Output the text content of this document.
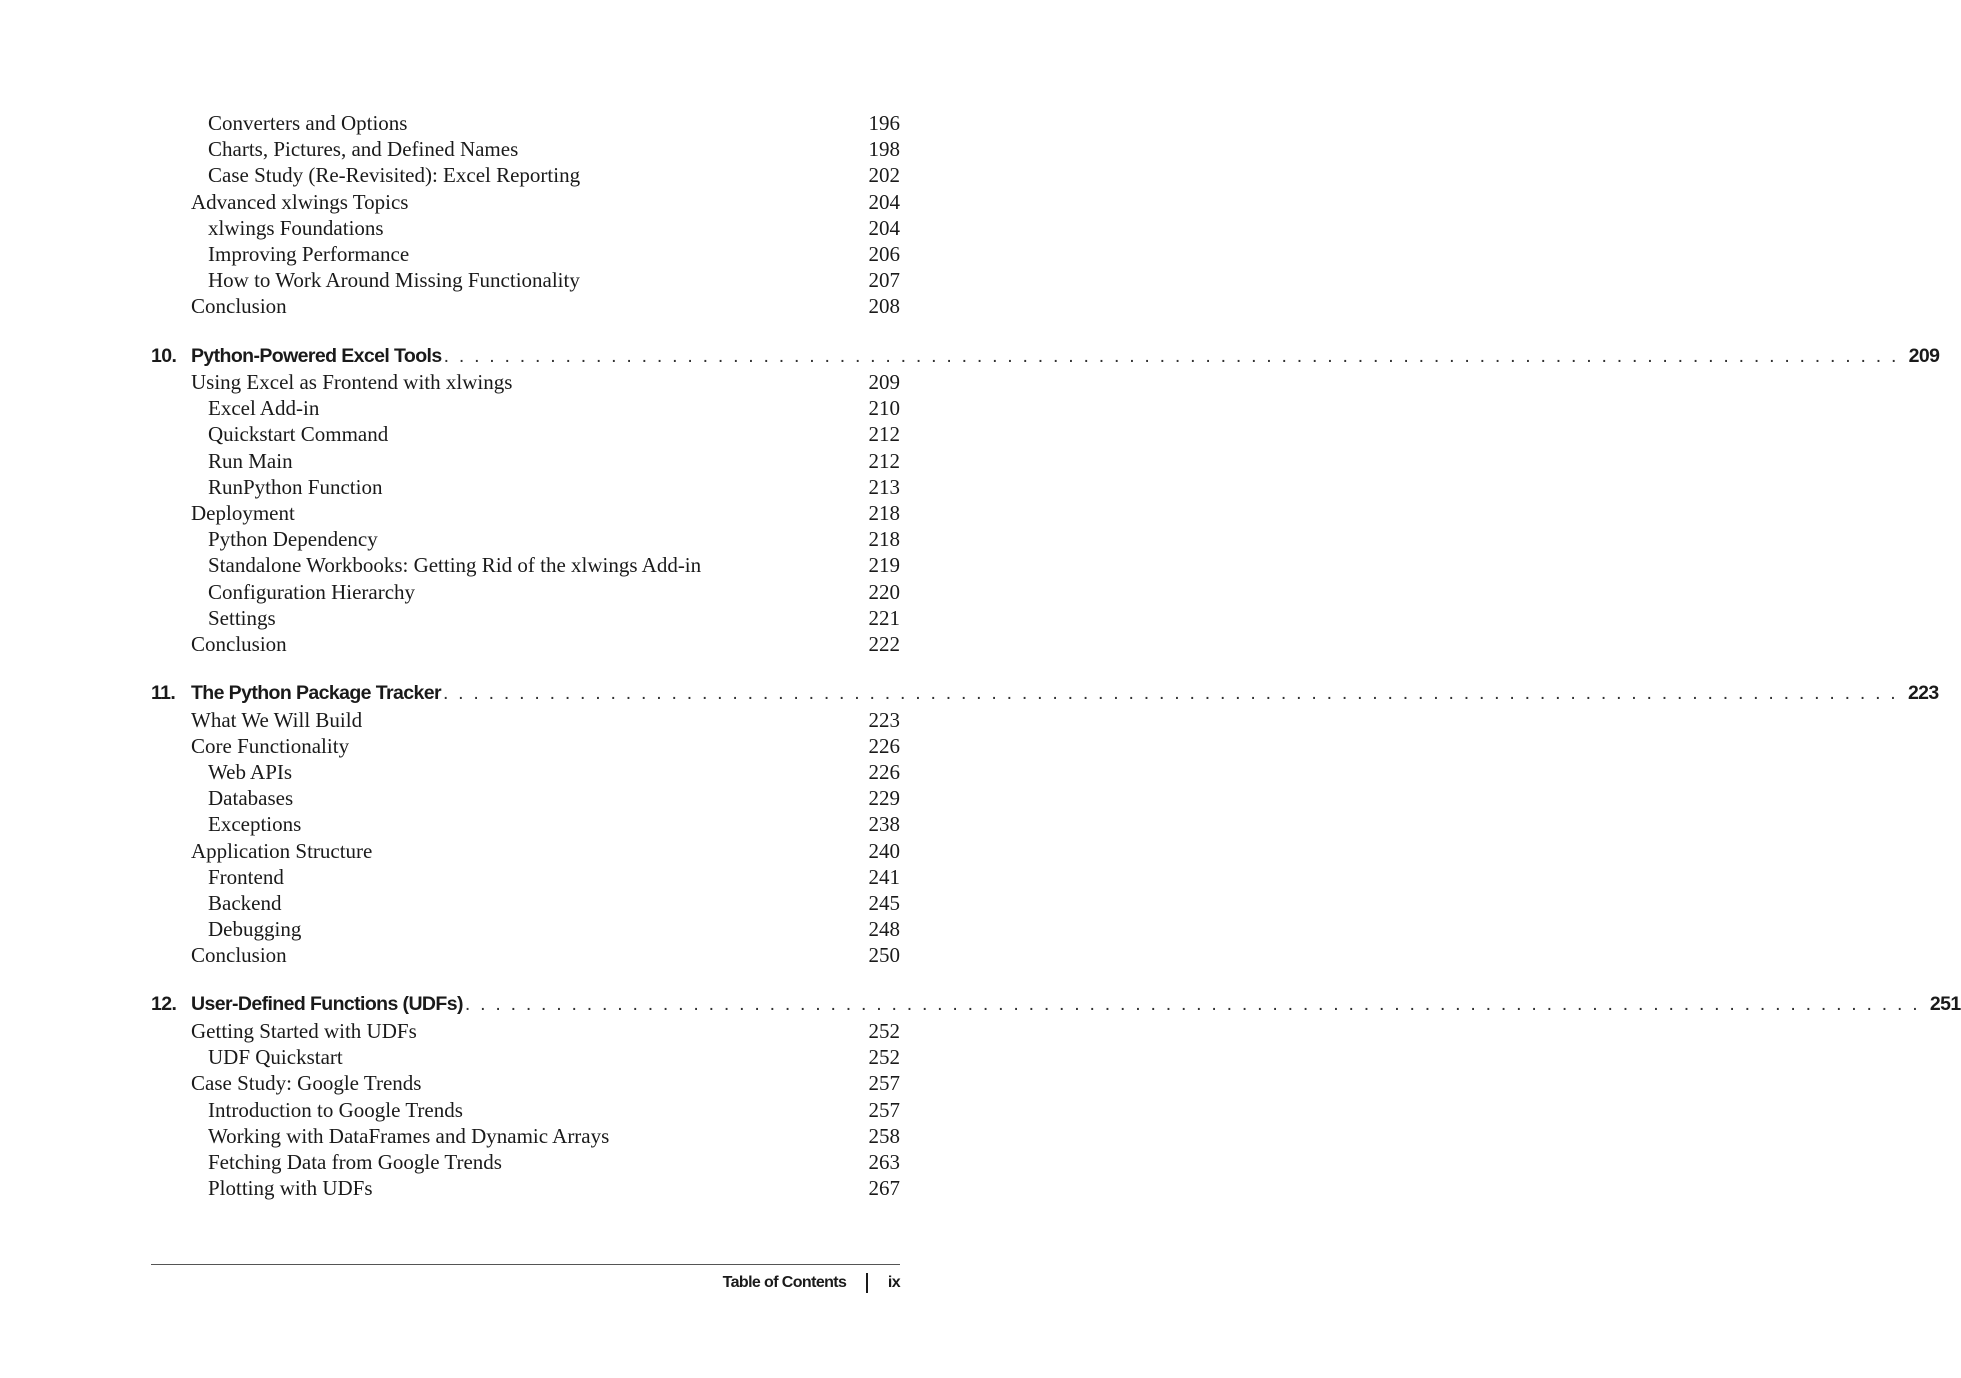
Converters and Options	196
Charts, Pictures, and Defined Names	198
Case Study (Re-Revisited): Excel Reporting	202
Advanced xlwings Topics	204
xlwings Foundations	204
Improving Performance	206
How to Work Around Missing Functionality	207
Conclusion	208
10. Python-Powered Excel Tools . . . . . . . . . . . . . . . . . . . . . . . . . . . . . . . . . . . . . . . . . . . . . . . . . . . . . . . . . . . . . . . . . . . . . . . . . . . . . . . . . . . . . . . . . . . . . . . . 209
Using Excel as Frontend with xlwings	209
Excel Add-in	210
Quickstart Command	212
Run Main	212
RunPython Function	213
Deployment	218
Python Dependency	218
Standalone Workbooks: Getting Rid of the xlwings Add-in	219
Configuration Hierarchy	220
Settings	221
Conclusion	222
11. The Python Package Tracker . . . . . . . . . . . . . . . . . . . . . . . . . . . . . . . . . . . . . . . . . . . . . . . . . . . . . . . . . . . . . . . . . . . . . . . . . . . . . . . . . . . . . . . . . . . . . . . . 223
What We Will Build	223
Core Functionality	226
Web APIs	226
Databases	229
Exceptions	238
Application Structure	240
Frontend	241
Backend	245
Debugging	248
Conclusion	250
12. User-Defined Functions (UDFs) . . . . . . . . . . . . . . . . . . . . . . . . . . . . . . . . . . . . . . . . . . . . . . . . . . . . . . . . . . . . . . . . . . . . . . . . . . . . . . . . . . . . . . . . . . . . . . . . 251
Getting Started with UDFs	252
UDF Quickstart	252
Case Study: Google Trends	257
Introduction to Google Trends	257
Working with DataFrames and Dynamic Arrays	258
Fetching Data from Google Trends	263
Plotting with UDFs	267
Table of Contents	ix
